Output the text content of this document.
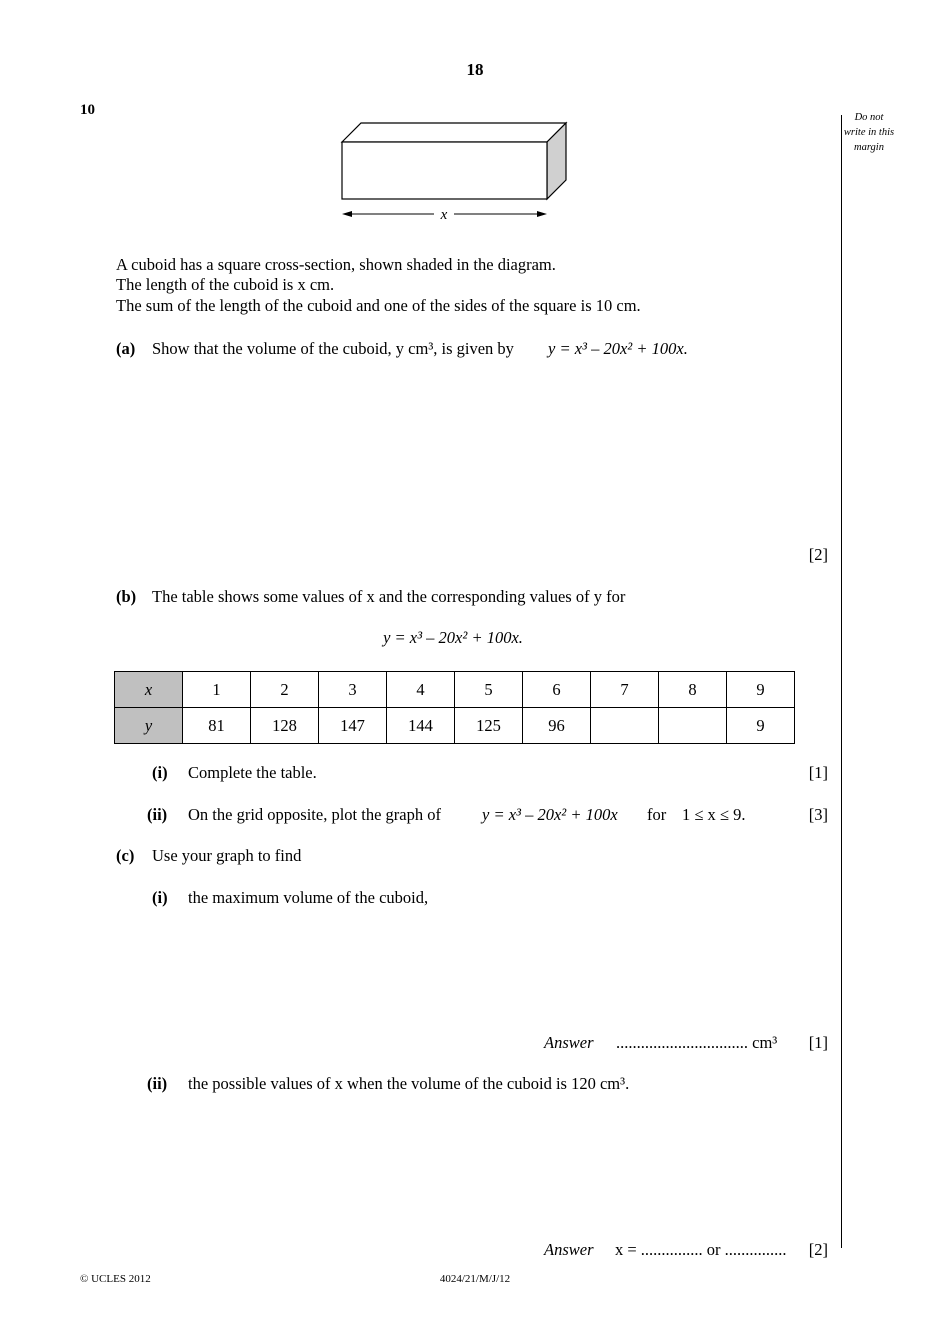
18
10	Do not
write in this
margin
x
A cuboid has a square cross-section, shown shaded in the diagram.
The length of the cuboid is x cm.
The sum of the length of the cuboid and one of the sides of the square is 10 cm.
(a) Show that the volume of the cuboid, y cm³, is given by y = x³ – 20x² + 100x.
[2]
(b) The table shows some values of x and the corresponding values of y for
y = x³ – 20x² + 100x.
x	1	2	3	4	5	6	7	8	9
y	81	128	147	144	125	96			9
(i) Complete the table.	[1]
(ii) On the grid opposite, plot the graph of y = x³ – 20x² + 100x for 1 ≤ x ≤ 9.	[3]
(c) Use your graph to find
(i) the maximum volume of the cuboid,
Answer ................................ cm³ [1]
(ii) the possible values of x when the volume of the cuboid is 120 cm³.
Answer x = ............... or ............... [2]
© UCLES 2012	4024/21/M/J/12
